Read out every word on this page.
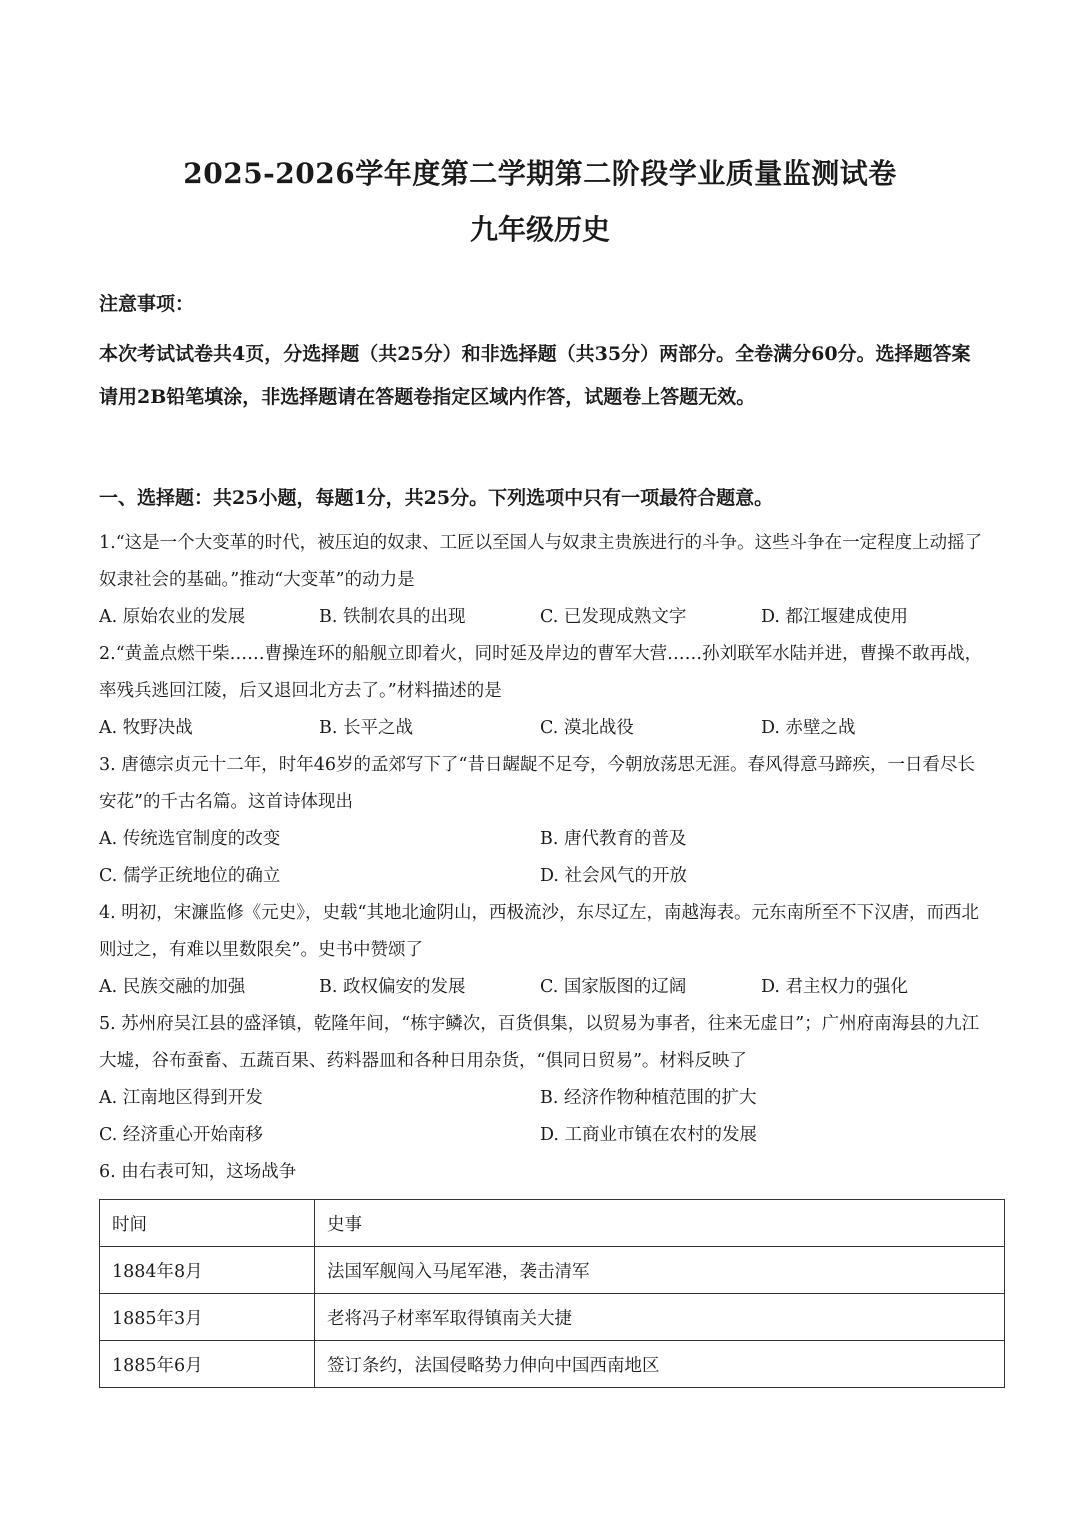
2025-2026学年度第二学期第二阶段学业质量监测试卷
九年级历史
注意事项：
本次考试试卷共4页，分选择题（共25分）和非选择题（共35分）两部分。全卷满分60分。选择题答案请用2B铅笔填涂，非选择题请在答题卷指定区域内作答，试题卷上答题无效。
一、选择题：共25小题，每题1分，共25分。下列选项中只有一项最符合题意。
1.“这是一个大变革的时代，被压迫的奴隶、工匠以至国人与奴隶主贵族进行的斗争。这些斗争在一定程度上动摇了奴隶社会的基础。”推动“大变革”的动力是
A. 原始农业的发展	B. 铁制农具的出现	C. 已发现成熟文字	D. 都江堰建成使用
2.“黄盖点燃干柴……曹操连环的船舰立即着火，同时延及岸边的曹军大营……孙刘联军水陆并进，曹操不敢再战，率残兵逃回江陵，后又退回北方去了。”材料描述的是
A. 牧野决战	B. 长平之战	C. 漠北战役	D. 赤壁之战
3. 唐德宗贞元十二年，时年46岁的孟郊写下了“昔日龌龊不足夸，今朝放荡思无涯。春风得意马蹄疾，一日看尽长安花”的千古名篇。这首诗体现出
A. 传统选官制度的改变	B. 唐代教育的普及
C. 儒学正统地位的确立	D. 社会风气的开放
4. 明初，宋濂监修《元史》，史载“其地北逾阴山，西极流沙，东尽辽左，南越海表。元东南所至不下汉唐，而西北则过之，有难以里数限矣”。史书中赞颂了
A. 民族交融的加强	B. 政权偏安的发展	C. 国家版图的辽阔	D. 君主权力的强化
5. 苏州府吴江县的盛泽镇，乾隆年间，“栋宇鳞次，百货俱集，以贸易为事者，往来无虚日”；广州府南海县的九江大墟，谷布蚕畜、五蔬百果、药料器皿和各种日用杂货，“俱同日贸易”。材料反映了
A. 江南地区得到开发	B. 经济作物种植范围的扩大
C. 经济重心开始南移	D. 工商业市镇在农村的发展
6. 由右表可知，这场战争
时间	史事
1884年8月	法国军舰闯入马尾军港，袭击清军
1885年3月	老将冯子材率军取得镇南关大捷
1885年6月	签订条约，法国侵略势力伸向中国西南地区
